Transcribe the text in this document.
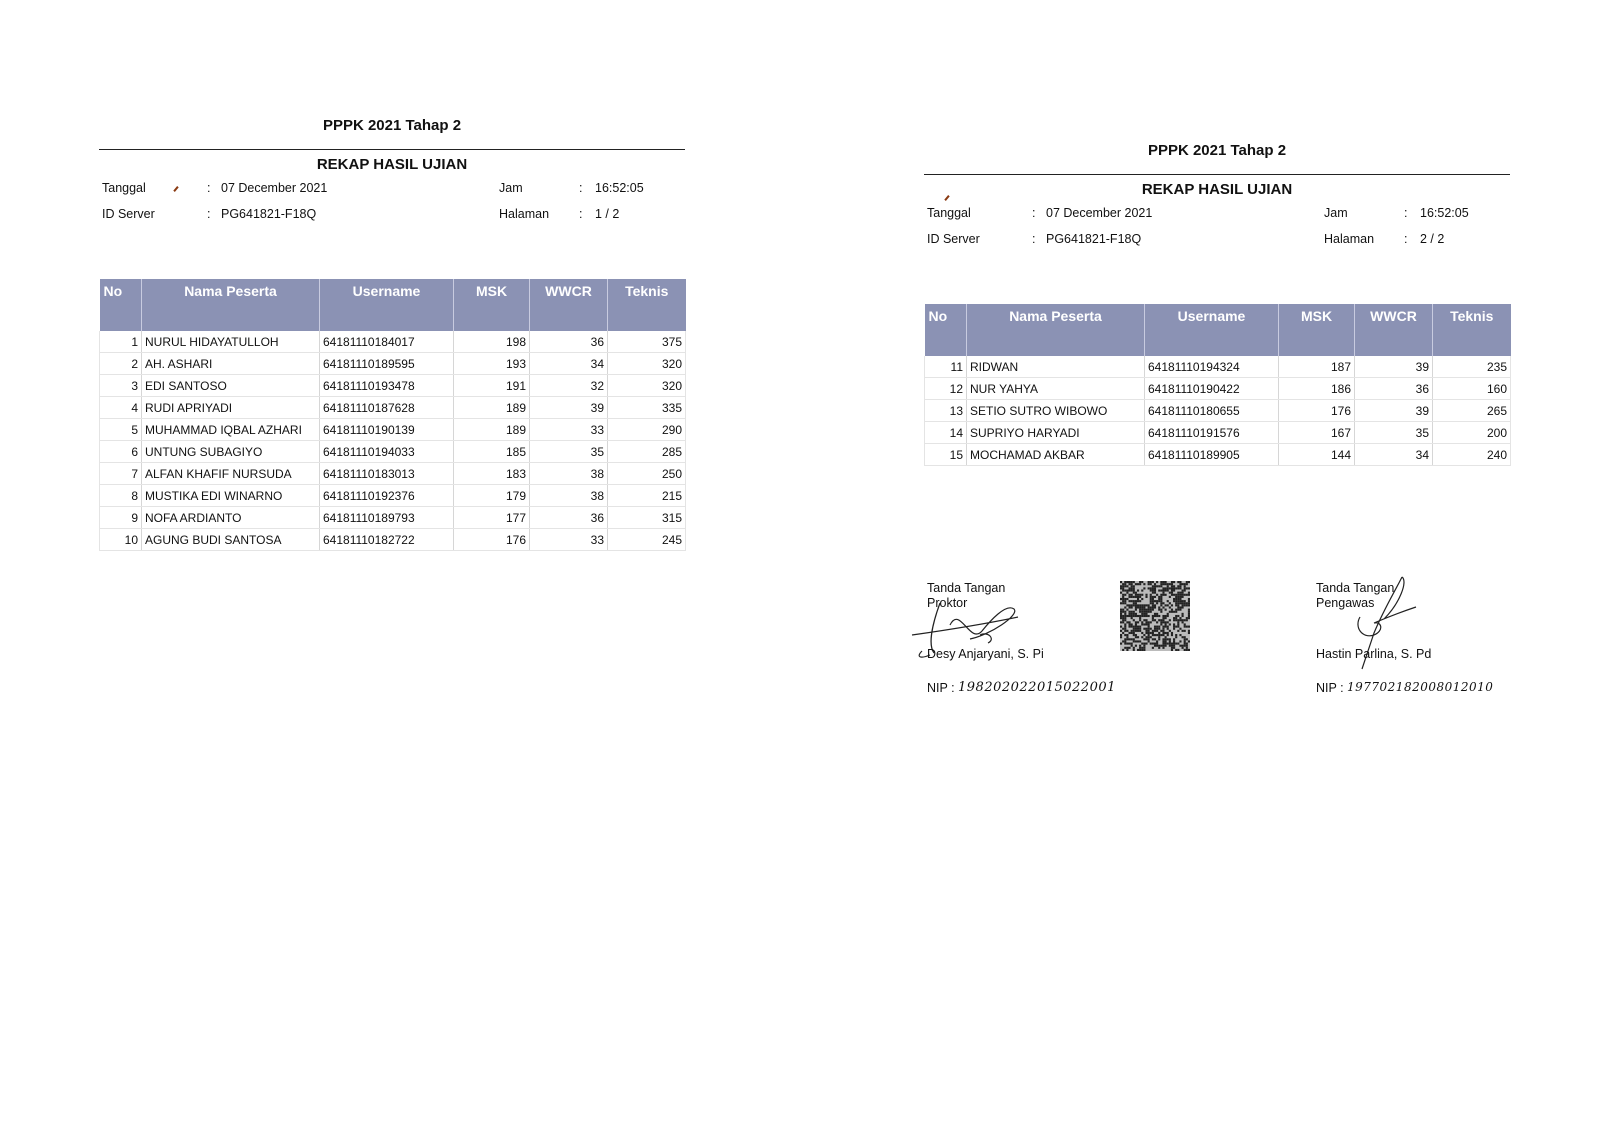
PPPK 2021 Tahap 2
REKAP HASIL UJIAN
Tanggal	: 07 December 2021	Jam	: 16:52:05
ID Server	: PG641821-F18Q	Halaman : 1 / 2
No	Nama Peserta	Username	MSK	WWCR	Teknis
1	NURUL HIDAYATULLOH	64181110184017	198	36	375
2	AH. ASHARI	64181110189595	193	34	320
3	EDI SANTOSO	64181110193478	191	32	320
4	RUDI APRIYADI	64181110187628	189	39	335
5	MUHAMMAD IQBAL AZHARI	64181110190139	189	33	290
6	UNTUNG SUBAGIYO	64181110194033	185	35	285
7	ALFAN KHAFIF NURSUDA	64181110183013	183	38	250
8	MUSTIKA EDI WINARNO	64181110192376	179	38	215
9	NOFA ARDIANTO	64181110189793	177	36	315
10	AGUNG BUDI SANTOSA	64181110182722	176	33	245
PPPK 2021 Tahap 2
REKAP HASIL UJIAN
Tanggal	: 07 December 2021	Jam	: 16:52:05
ID Server	: PG641821-F18Q	Halaman : 2 / 2
No	Nama Peserta	Username	MSK	WWCR	Teknis
11	RIDWAN	64181110194324	187	39	235
12	NUR YAHYA	64181110190422	186	36	160
13	SETIO SUTRO WIBOWO	64181110180655	176	39	265
14	SUPRIYO HARYADI	64181110191576	167	35	200
15	MOCHAMAD AKBAR	64181110189905	144	34	240
Tanda Tangan
Proktor
Desy Anjaryani, S. Pi
NIP : 198202022015022001
Tanda Tangan
Pengawas
Hastin Parlina, S. Pd
NIP : 197702182008012010
